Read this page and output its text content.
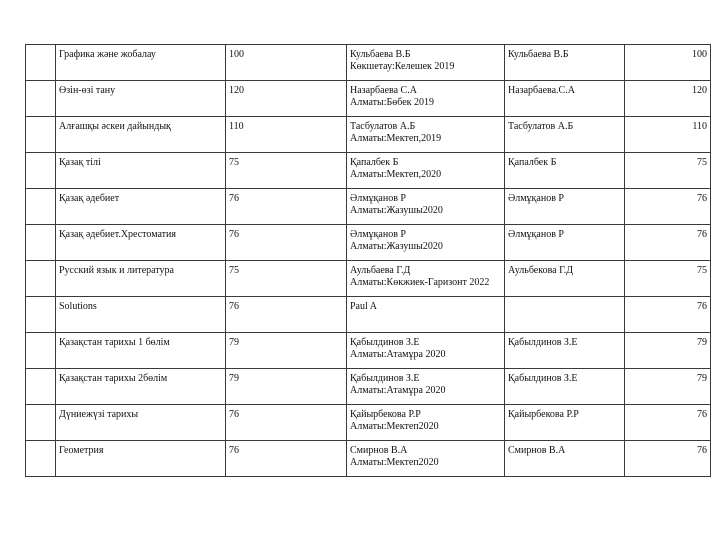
	Графика және жобалау	100	Кульбаева В.Б
Көкшетау:Келешек 2019	Кульбаева В.Б	100
	Өзін-өзі тану	120	Назарбаева С.А
Алматы:Бөбек 2019	Назарбаева.С.А	120
	Алғашқы әскеи дайындық	110	Тасбулатов А.Б
Алматы:Мектеп,2019	Тасбулатов А.Б	110
	Қазақ тілі	75	Қапалбек Б
Алматы:Мектеп,2020	Қапалбек Б	75
	Қазақ әдебиет	76	Әлмұқанов Р
Алматы:Жазушы2020	Әлмұқанов Р	76
	Қазақ әдебиет.Хрестоматия	76	Әлмұқанов Р
Алматы:Жазушы2020	Әлмұқанов Р	76
	Русский язык и литература	75	Аульбаева Г.Д
Алматы:Көкжиек-Гаризонт 2022	Аульбекова Г.Д	75
	Solutions	76	Paul A		76
	Қазақстан тарихы 1 бөлім	79	Қабылдинов З.Е
Алматы:Атамұра 2020	Қабылдинов З.Е	79
	Қазақстан тарихы 2бөлім	79	Қабылдинов З.Е
Алматы:Атамұра 2020	Қабылдинов З.Е	79
	Дүниежүзі тарихы	76	Қайырбекова Р.Р
Алматы:Мектеп2020	Қайырбекова Р.Р	76
	Геометрия	76	Смирнов В.А
Алматы:Мектеп2020	Смирнов В.А	76
